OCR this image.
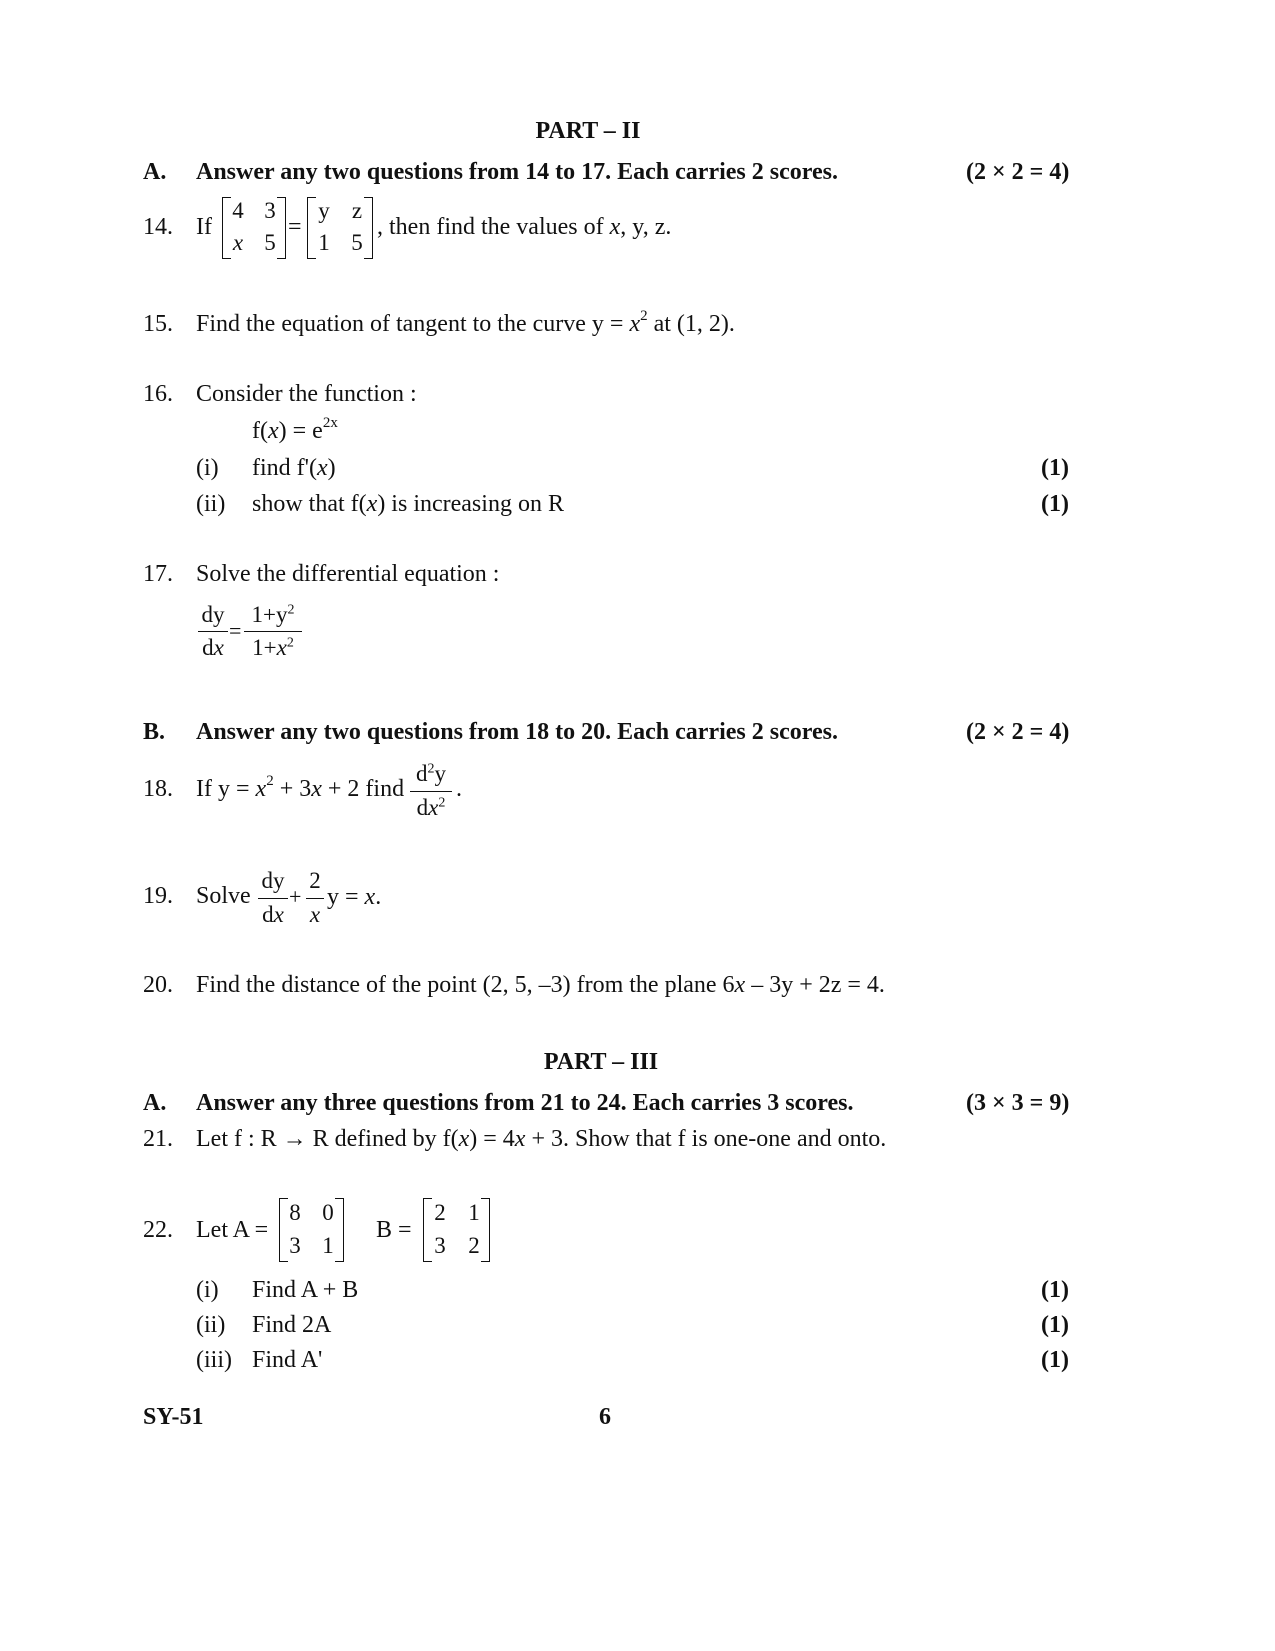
PART – II
A. Answer any two questions from 14 to 17. Each carries 2 scores.	(2 × 2 = 4)
14. If
4 3
x 5
=
y z
1 5
, then find the values of x, y, z.
15. Find the equation of tangent to the curve $y = x^2$ at (1, 2).
16. Consider the function :
$f(x) = e^{2x}$
(i) find f'(x)	(1)
(ii) show that f(x) is increasing on R	(1)
17. Solve the differential equation :
dy
dx
=
$1+y^2$
$1+x^2$
B. Answer any two questions from 18 to 20. Each carries 2 scores.	(2 × 2 = 4)
18. If $y = x^2 + 3x + 2$ find
$d^2y$
$dx^2$
.
19. Solve
dy
dx
+
2
x
y = x.
20. Find the distance of the point (2, 5, –3) from the plane 6x – 3y + 2z = 4.
PART – III
A. Answer any three questions from 21 to 24. Each carries 3 scores.	(3 × 3 = 9)
21. Let f : R → R defined by f(x) = 4x + 3. Show that f is one-one and onto.
22. Let A =
8 0
3 1
B =
2 1
3 2
(i) Find A + B	(1)
(ii) Find 2A	(1)
(iii) Find A'	(1)
SY-51	6
